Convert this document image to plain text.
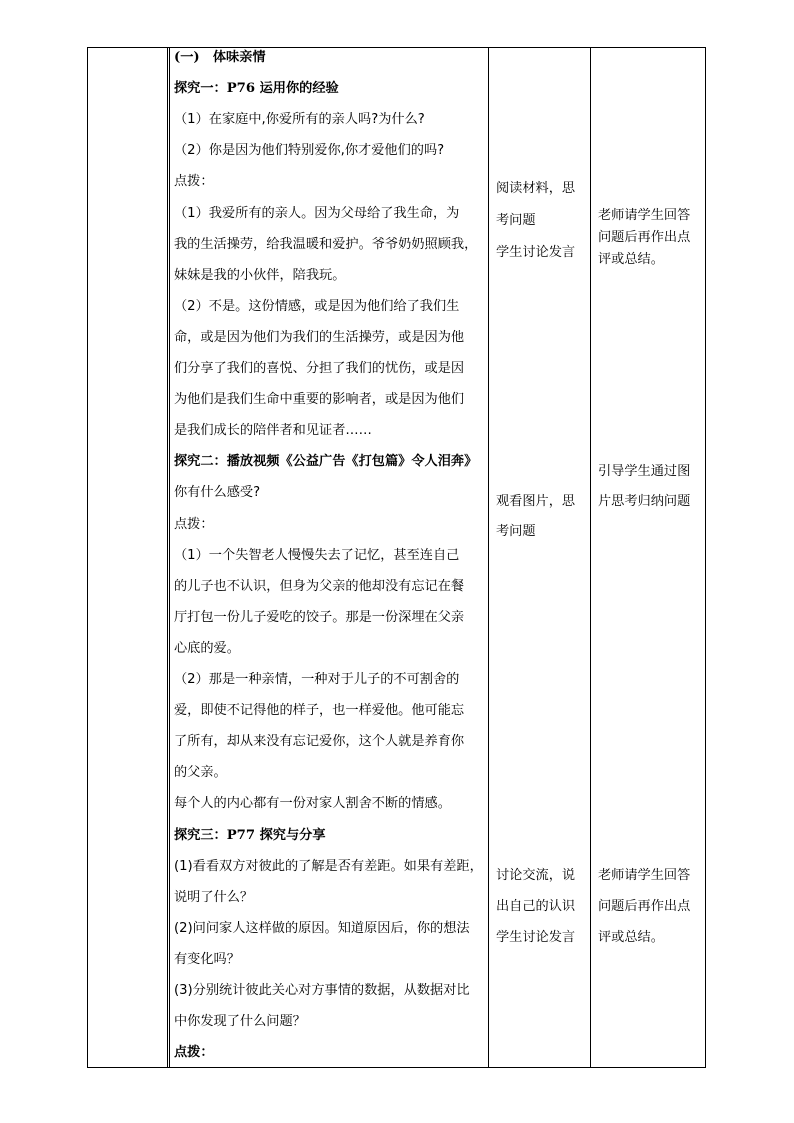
(一)　体味亲情
探究一：P76 运用你的经验
（1）在家庭中,你爱所有的亲人吗?为什么?
（2）你是因为他们特别爱你,你才爱他们的吗?
点拨：
（1）我爱所有的亲人。因为父母给了我生命，为
我的生活操劳，给我温暖和爱护。爷爷奶奶照顾我，
妹妹是我的小伙伴，陪我玩。
（2）不是。这份情感，或是因为他们给了我们生
命，或是因为他们为我们的生活操劳，或是因为他
们分享了我们的喜悦、分担了我们的忧伤，或是因
为他们是我们生命中重要的影响者，或是因为他们
是我们成长的陪伴者和见证者……
探究二：播放视频《公益广告《打包篇》令人泪奔》
你有什么感受?
点拨：
（1）一个失智老人慢慢失去了记忆，甚至连自己
的儿子也不认识，但身为父亲的他却没有忘记在餐
厅打包一份儿子爱吃的饺子。那是一份深埋在父亲
心底的爱。
（2）那是一种亲情，一种对于儿子的不可割舍的
爱，即使不记得他的样子，也一样爱他。他可能忘
了所有，却从来没有忘记爱你，这个人就是养育你
的父亲。
每个人的内心都有一份对家人割舍不断的情感。
探究三：P77 探究与分享
(1)看看双方对彼此的了解是否有差距。如果有差距，
说明了什么？
(2)问问家人这样做的原因。知道原因后，你的想法
有变化吗？
(3)分别统计彼此关心对方事情的数据，从数据对比
中你发现了什么问题？
点拨：
阅读材料，思
考问题
学生讨论发言
观看图片，思
考问题
讨论交流，说
出自己的认识
学生讨论发言
老师请学生回答
问题后再作出点
评或总结。
引导学生通过图
片思考归纳问题
老师请学生回答
问题后再作出点
评或总结。
